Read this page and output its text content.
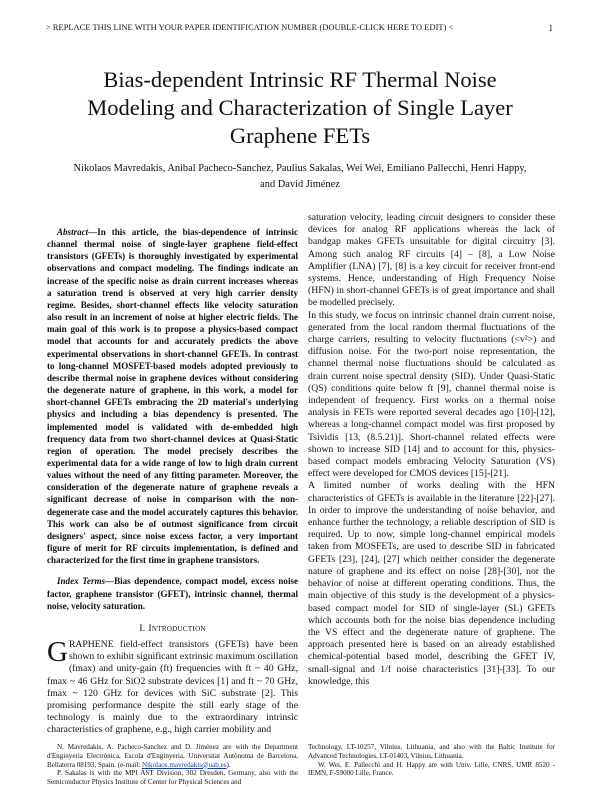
> REPLACE THIS LINE WITH YOUR PAPER IDENTIFICATION NUMBER (DOUBLE-CLICK HERE TO EDIT) <	1
Bias-dependent Intrinsic RF Thermal Noise Modeling and Characterization of Single Layer Graphene FETs
Nikolaos Mavredakis, Anibal Pacheco-Sanchez, Paulius Sakalas, Wei Wei, Emiliano Pallecchi, Henri Happy, and David Jiménez

Abstract—In this article, the bias-dependence of intrinsic channel thermal noise of single-layer graphene field-effect transistors (GFETs) is thoroughly investigated by experimental observations and compact modeling. The findings indicate an increase of the specific noise as drain current increases whereas a saturation trend is observed at very high carrier density regime. Besides, short-channel effects like velocity saturation also result in an increment of noise at higher electric fields. The main goal of this work is to propose a physics-based compact model that accounts for and accurately predicts the above experimental observations in short-channel GFETs. In contrast to long-channel MOSFET-based models adopted previously to describe thermal noise in graphene devices without considering the degenerate nature of graphene, in this work, a model for short-channel GFETs embracing the 2D material's underlying physics and including a bias dependency is presented. The implemented model is validated with de-embedded high frequency data from two short-channel devices at Quasi-Static region of operation. The model precisely describes the experimental data for a wide range of low to high drain current values without the need of any fitting parameter. Moreover, the consideration of the degenerate nature of graphene reveals a significant decrease of noise in comparison with the non-degenerate case and the model accurately captures this behavior. This work can also be of outmost significance from circuit designers' aspect, since noise excess factor, a very important figure of merit for RF circuits implementation, is defined and characterized for the first time in graphene transistors.

Index Terms—Bias dependence, compact model, excess noise factor, graphene transistor (GFET), intrinsic channel, thermal noise, velocity saturation.

I. Introduction

GRAPHENE field-effect transistors (GFETs) have been shown to exhibit significant extrinsic maximum oscillation (fmax) and unity-gain (ft) frequencies with ft ~ 40 GHz, fmax ~ 46 GHz for SiO2 substrate devices [1] and ft ~ 70 GHz, fmax ~ 120 GHz for devices with SiC substrate [2]. This promising performance despite the still early stage of the technology is mainly due to the extraordinary intrinsic characteristics of graphene, e.g., high carrier mobility and

saturation velocity, leading circuit designers to consider these devices for analog RF applications whereas the lack of bandgap makes GFETs unsuitable for digital circuitry [3]. Among such analog RF circuits [4] – [8], a Low Noise Amplifier (LNA) [7], [8] is a key circuit for receiver front-end systems. Hence, understanding of High Frequency Noise (HFN) in short-channel GFETs is of great importance and shall be modelled precisely.

In this study, we focus on intrinsic channel drain current noise, generated from the local random thermal fluctuations of the charge carriers, resulting to velocity fluctuations (<v²>) and diffusion noise. For the two-port noise representation, the channel thermal noise fluctuations should be calculated as drain current noise spectral density (SID). Under Quasi-Static (QS) conditions quite below ft [9], channel thermal noise is independent of frequency. First works on a thermal noise analysis in FETs were reported several decades ago [10]-[12], whereas a long-channel compact model was first proposed by Tsividis [13, (8.5.21)]. Short-channel related effects were shown to increase SID [14] and to account for this, physics-based compact models embracing Velocity Saturation (VS) effect were developed for CMOS devices [15]-[21].

A limited number of works dealing with the HFN characteristics of GFETs is available in the literature [22]-[27]. In order to improve the understanding of noise behavior, and enhance further the technology, a reliable description of SID is required. Up to now, simple long-channel empirical models taken from MOSFETs, are used to describe SID in fabricated GFETs [23], [24], [27] which neither consider the degenerate nature of graphene and its effect on noise [28]-[30], nor the behavior of noise at different operating conditions. Thus, the main objective of this study is the development of a physics-based compact model for SID of single-layer (SL) GFETs which accounts both for the noise bias dependence including the VS effect and the degenerate nature of graphene. The approach presented here is based on an already established chemical-potential based model, describing the GFET IV, small-signal and 1/f noise characteristics [31]-[33]. To our knowledge, this

N. Mavredakis, A. Pacheco-Sanchez and D. Jiménez are with the Department d'Enginyeria Electrònica, Escola d'Enginyeria, Universitat Autònoma de Barcelona, Bellaterra 08193, Spain. (e-mail: Nikolaos.mavredakis@uab.es).

P. Sakalas is with the MPI AST Division, 302 Dresden, Germany, also with the Semiconductor Physics Institute of Center for Physical Sciences and

Technology, LT-10257, Vilnius, Lithuania, and also with the Baltic Institute for Advanced Technologies, LT-01403, Vilnius, Lithuania.

W. Wei, E. Pallecchi and H. Happy are with Univ. Lille, CNRS, UMR 8520 - IEMN, F-59000 Lille, France.
